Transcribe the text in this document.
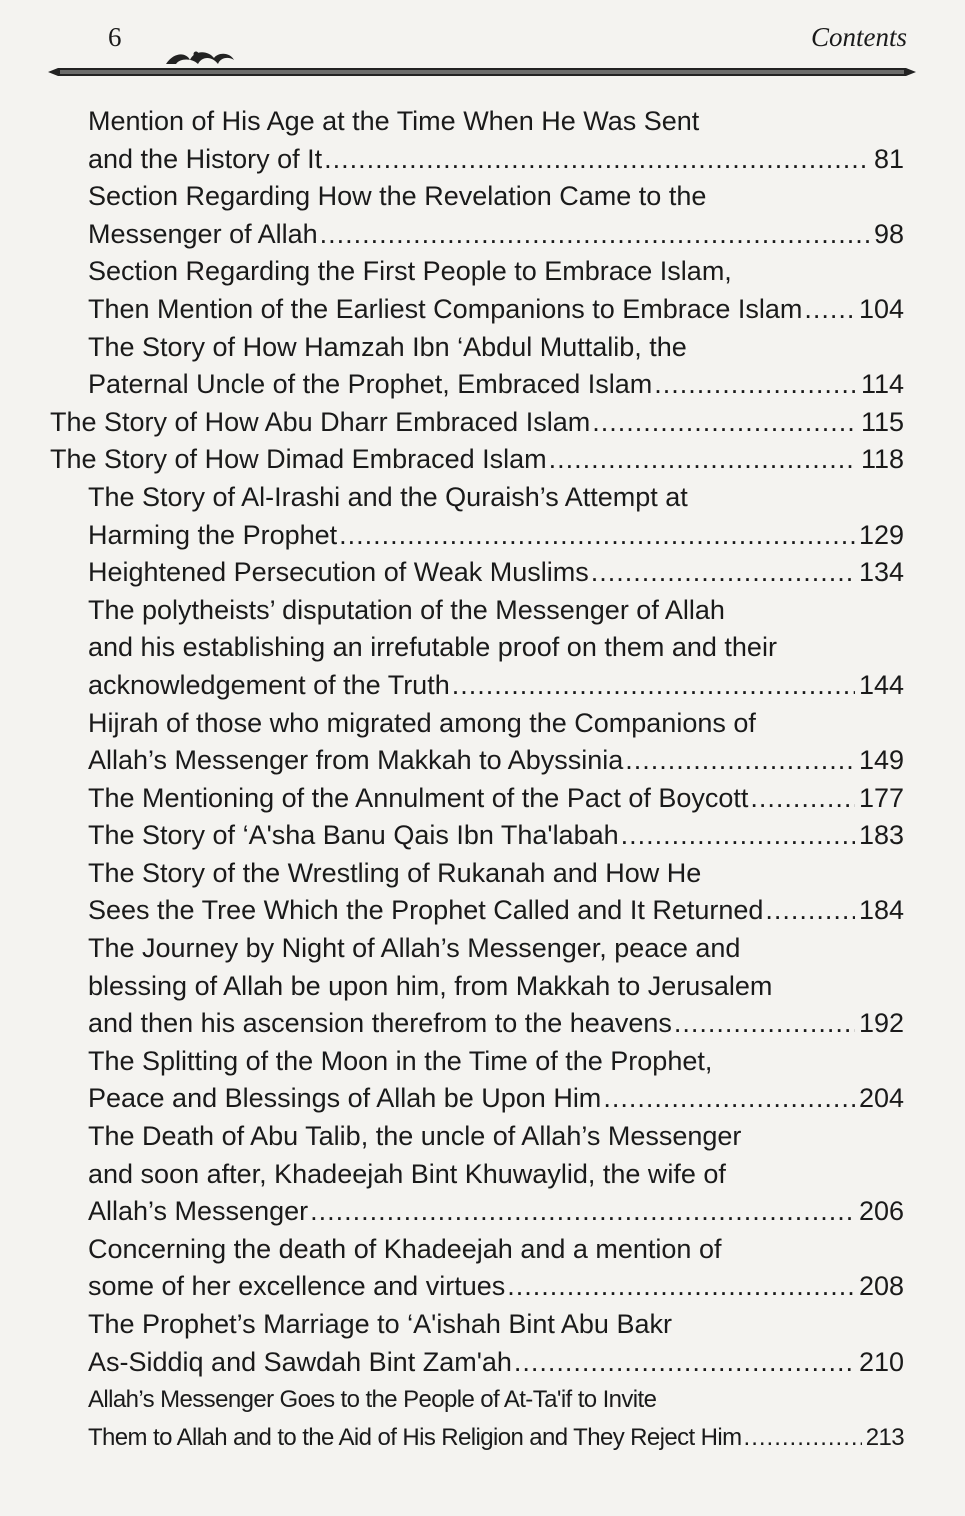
6	Contents
Mention of His Age at the Time When He Was Sent
and the History of It .....	81
Section Regarding How the Revelation Came to the
Messenger of Allah .....	98
Section Regarding the First People to Embrace Islam,
Then Mention of the Earliest Companions to Embrace Islam ..... 104
The Story of How Hamzah Ibn ‘Abdul Muttalib, the
Paternal Uncle of the Prophet, Embraced Islam .....	114
The Story of How Abu Dharr Embraced Islam .....	115
The Story of How Dimad Embraced Islam .....	118
The Story of Al-Irashi and the Quraish’s Attempt at
Harming the Prophet .....	129
Heightened Persecution of Weak Muslims .....	134
The polytheists’ disputation of the Messenger of Allah
and his establishing an irrefutable proof on them and their
acknowledgement of the Truth .....	144
Hijrah of those who migrated among the Companions of
Allah’s Messenger from Makkah to Abyssinia .....	149
The Mentioning of the Annulment of the Pact of Boycott .....	177
The Story of ‘A'sha Banu Qais Ibn Tha'labah .....	183
The Story of the Wrestling of Rukanah and How He
Sees the Tree Which the Prophet Called and It Returned .....	184
The Journey by Night of Allah’s Messenger, peace and
blessing of Allah be upon him, from Makkah to Jerusalem
and then his ascension therefrom to the heavens .....	192
The Splitting of the Moon in the Time of the Prophet,
Peace and Blessings of Allah be Upon Him .....	204
The Death of Abu Talib, the uncle of Allah’s Messenger
and soon after, Khadeejah Bint Khuwaylid, the wife of
Allah’s Messenger .....	206
Concerning the death of Khadeejah and a mention of
some of her excellence and virtues .....	208
The Prophet’s Marriage to ‘A'ishah Bint Abu Bakr
As-Siddiq and Sawdah Bint Zam'ah .....	210
Allah’s Messenger Goes to the People of At-Ta'if to Invite
Them to Allah and to the Aid of His Religion and They Reject Him .....	213
